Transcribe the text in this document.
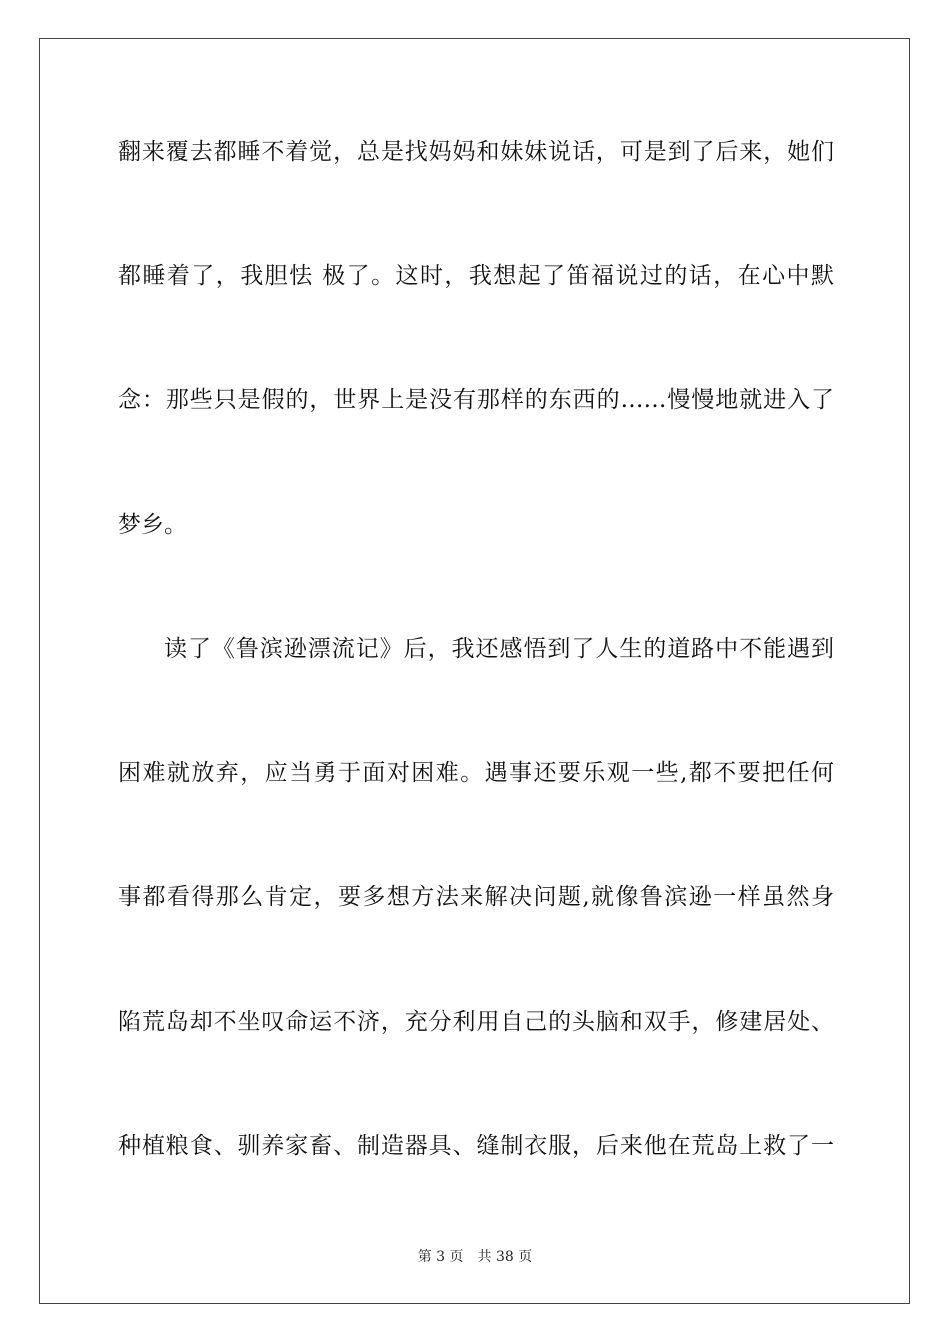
翻来覆去都睡不着觉，总是找妈妈和妹妹说话，可是到了后来，她们
都睡着了，我胆怯 极了。这时，我想起了笛福说过的话，在心中默
念：那些只是假的，世界上是没有那样的东西的……慢慢地就进入了
梦乡。
读了《鲁滨逊漂流记》后，我还感悟到了人生的道路中不能遇到
困难就放弃，应当勇于面对困难。遇事还要乐观一些,都不要把任何
事都看得那么肯定，要多想方法来解决问题,就像鲁滨逊一样虽然身
陷荒岛却不坐叹命运不济，充分利用自己的头脑和双手，修建居处、
种植粮食、驯养家畜、制造器具、缝制衣服，后来他在荒岛上救了一
第 3 页 共 38 页
